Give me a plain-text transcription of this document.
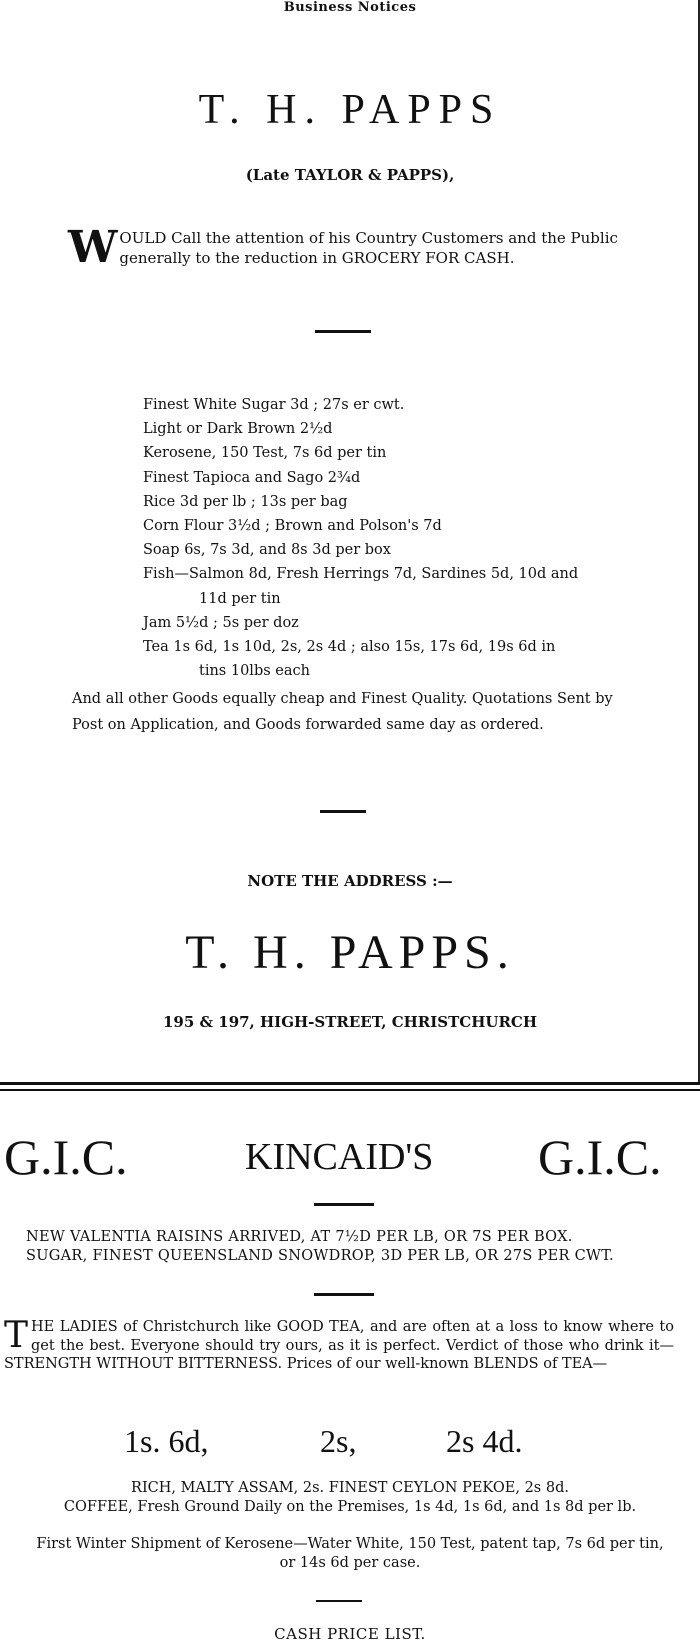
Business Notices
T. H. PAPPS
(Late TAYLOR & PAPPS),
WOULD Call the attention of his Country Customers and the Public generally to the reduction in GROCERY FOR CASH.
Finest White Sugar 3d ; 27s er cwt.
Light or Dark Brown 2½d
Kerosene, 150 Test, 7s 6d per tin
Finest Tapioca and Sago 2¾d
Rice 3d per lb ; 13s per bag
Corn Flour 3½d ; Brown and Polson's 7d
Soap 6s, 7s 3d, and 8s 3d per box
Fish—Salmon 8d, Fresh Herrings 7d, Sardines 5d, 10d and
11d per tin
Jam 5½d ; 5s per doz
Tea 1s 6d, 1s 10d, 2s, 2s 4d ; also 15s, 17s 6d, 19s 6d in
tins 10lbs each
And all other Goods equally cheap and Finest Quality. Quotations Sent by Post on Application, and Goods forwarded same day as ordered.
NOTE THE ADDRESS :—
T. H. PAPPS.
195 & 197, HIGH-STREET, CHRISTCHURCH
G.I.C.	KINCAID'S G.I.C.
NEW VALENTIA RAISINS ARRIVED, AT 7½D PER LB, OR 7S PER BOX.
SUGAR, FINEST QUEENSLAND SNOWDROP, 3D PER LB, OR 27S PER CWT.
THE LADIES of Christchurch like GOOD TEA, and are often at a loss to know where to get the best. Everyone should try ours, as it is perfect. Verdict of those who drink it—STRENGTH WITHOUT BITTERNESS. Prices of our well-known BLENDS of TEA—
1s. 6d,	2s,	2s 4d.
RICH, MALTY ASSAM, 2s. FINEST CEYLON PEKOE, 2s 8d.
COFFEE, Fresh Ground Daily on the Premises, 1s 4d, 1s 6d, and 1s 8d per lb.
First Winter Shipment of Kerosene—Water White, 150 Test, patent tap, 7s 6d per tin, or 14s 6d per case.
CASH PRICE LIST.
